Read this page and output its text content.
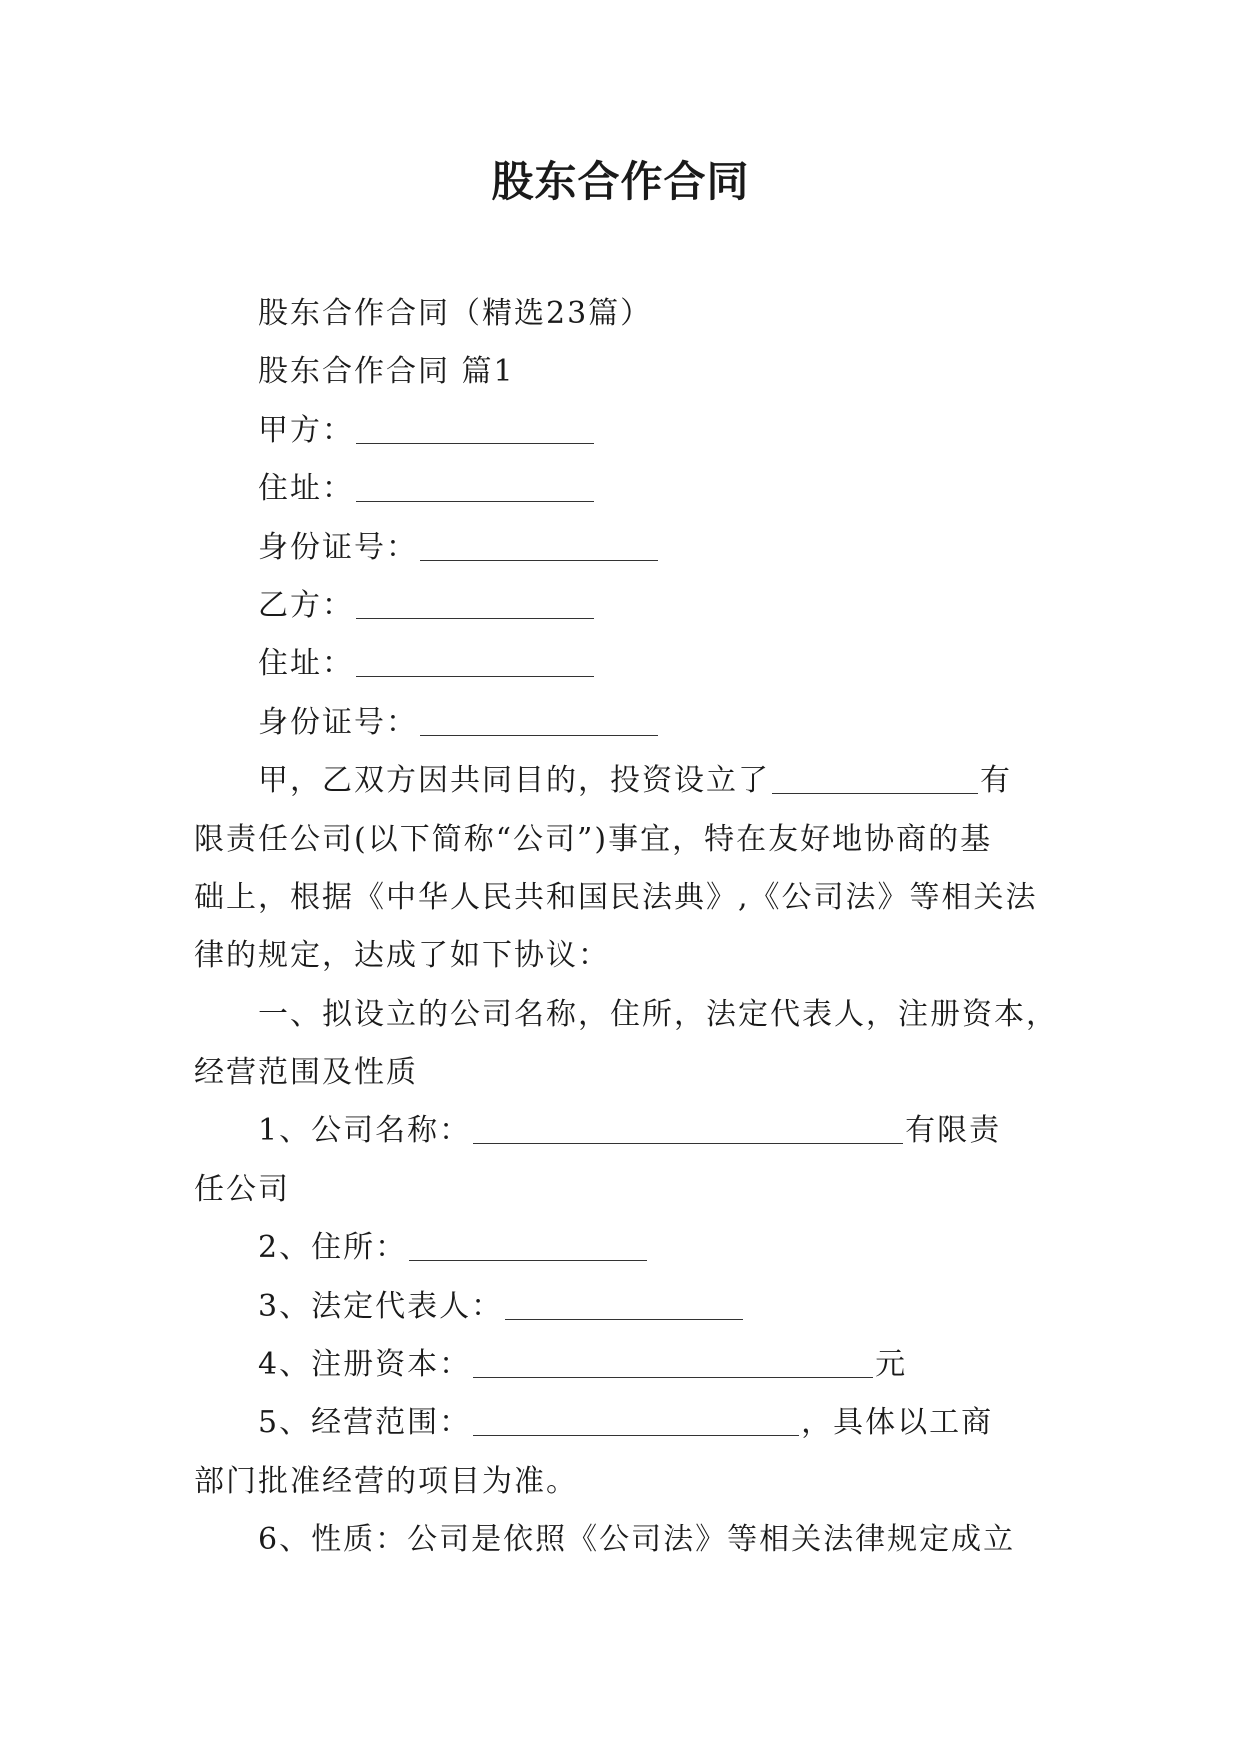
股东合作合同
股东合作合同（精选23篇）
股东合作合同 篇1
甲方：
住址：
身份证号：
乙方：
住址：
身份证号：
甲，乙双方因共同目的，投资设立了	有
限责任公司(以下简称“公司”)事宜，特在友好地协商的基
础上，根据《中华人民共和国民法典》,《公司法》等相关法
律的规定，达成了如下协议：
一、拟设立的公司名称，住所，法定代表人，注册资本，
经营范围及性质
1、公司名称：	有限责
任公司
2、住所：
3、法定代表人：
4、注册资本：	元
5、经营范围：	，具体以工商
部门批准经营的项目为准。
6、性质：公司是依照《公司法》等相关法律规定成立
